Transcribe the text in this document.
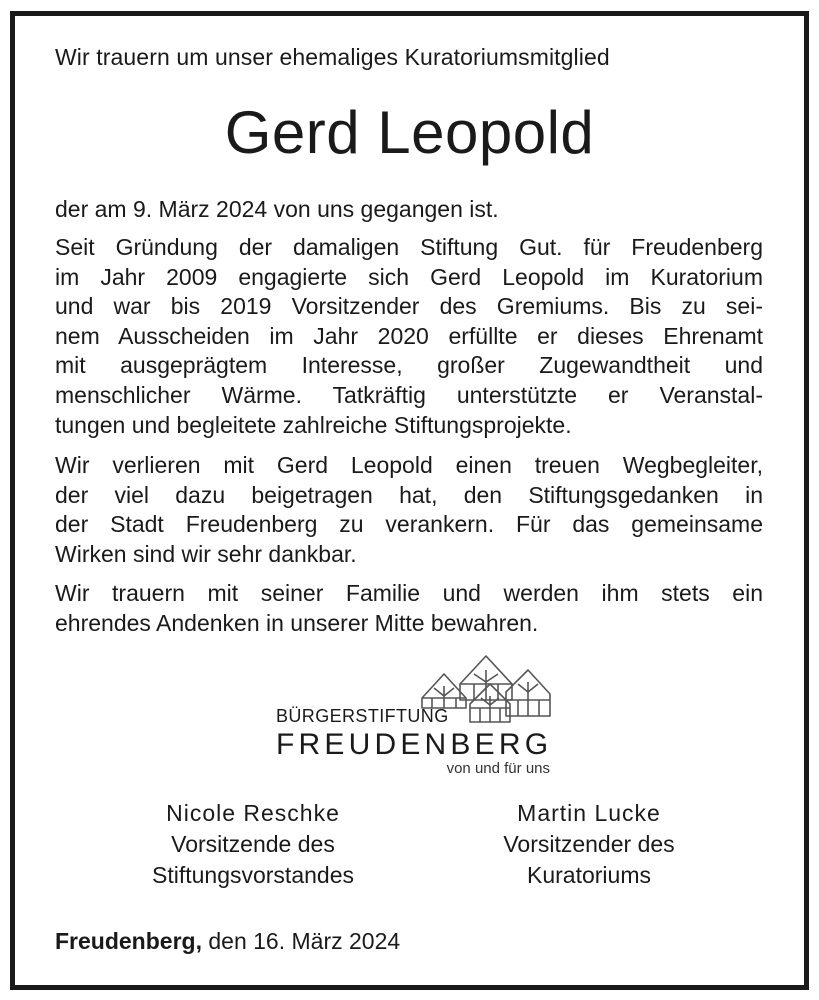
Wir trauern um unser ehemaliges Kuratoriumsmitglied
Gerd Leopold
der am 9. März 2024 von uns gegangen ist.
Seit Gründung der damaligen Stiftung Gut. für Freudenberg
im Jahr 2009 engagierte sich Gerd Leopold im Kuratorium
und war bis 2019 Vorsitzender des Gremiums. Bis zu sei-
nem Ausscheiden im Jahr 2020 erfüllte er dieses Ehrenamt
mit ausgeprägtem Interesse, großer Zugewandtheit und
menschlicher Wärme. Tatkräftig unterstützte er Veranstal-
tungen und begleitete zahlreiche Stiftungsprojekte.
Wir verlieren mit Gerd Leopold einen treuen Wegbegleiter,
der viel dazu beigetragen hat, den Stiftungsgedanken in
der Stadt Freudenberg zu verankern. Für das gemeinsame
Wirken sind wir sehr dankbar.
Wir trauern mit seiner Familie und werden ihm stets ein
ehrendes Andenken in unserer Mitte bewahren.
BÜRGERSTIFTUNG
FREUDENBERG
von und für uns
Nicole Reschke
Vorsitzende des
Stiftungsvorstandes
Martin Lucke
Vorsitzender des
Kuratoriums
Freudenberg, den 16. März 2024
